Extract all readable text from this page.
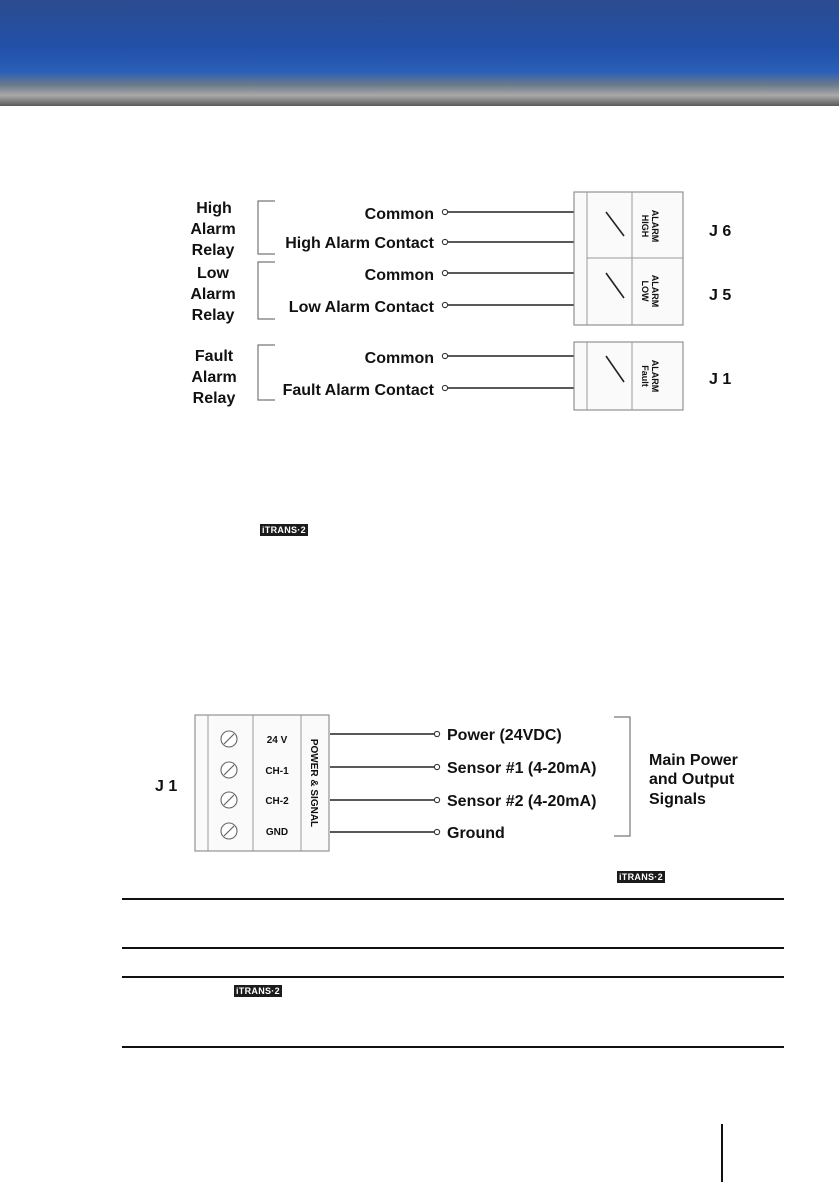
High
Alarm
Relay
Low
Alarm
Relay
Fault
Alarm
Relay
Common
High Alarm Contact
Common
Low Alarm Contact
Common
Fault Alarm Contact
HIGH ALARM
LOW ALARM
Fault ALARM
J 6
J 5
J 1
iTRANS·2
J 1
24 V
CH-1
CH-2
GND
POWER & SIGNAL
Power (24VDC)
Sensor #1 (4-20mA)
Sensor #2 (4-20mA)
Ground
Main Power
and Output
Signals
iTRANS·2
iTRANS·2
